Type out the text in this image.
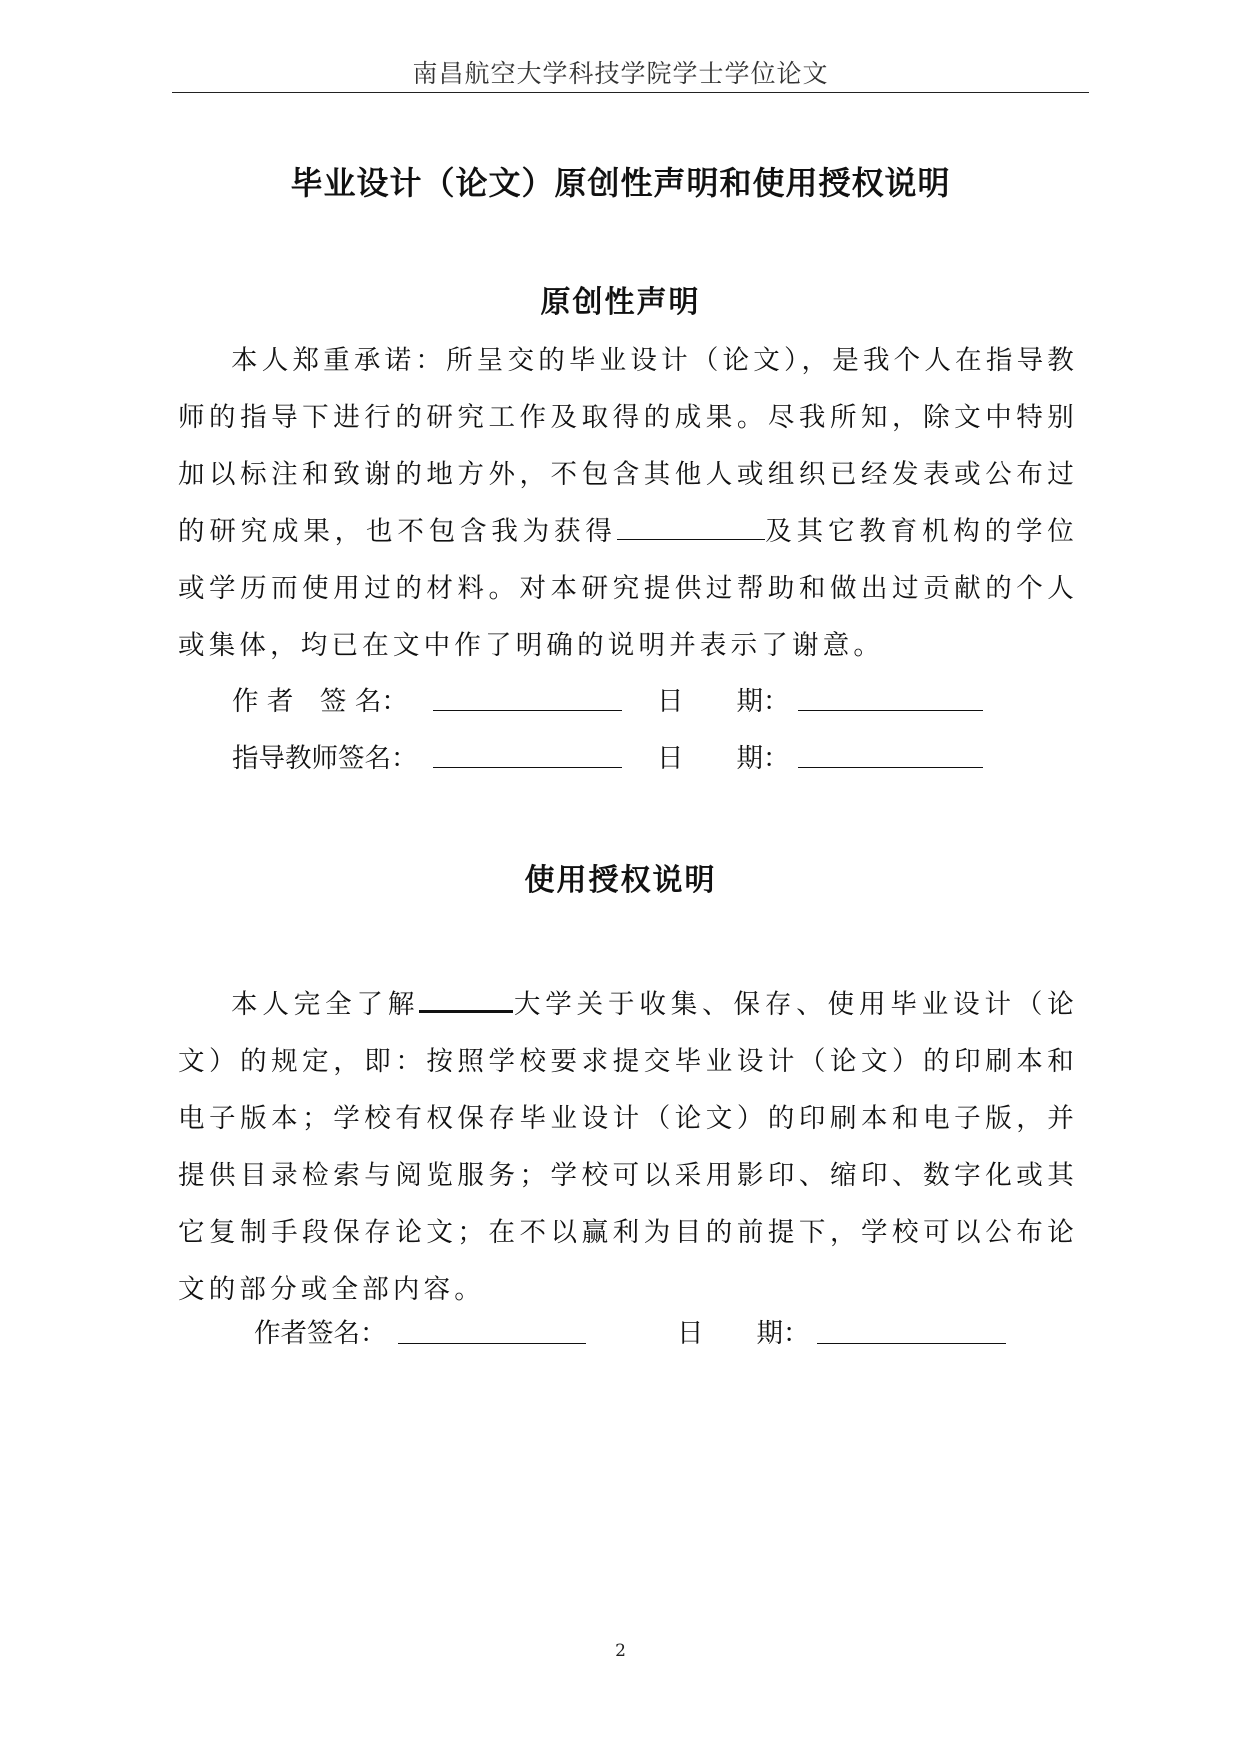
南昌航空大学科技学院学士学位论文
毕业设计（论文）原创性声明和使用授权说明
原创性声明
本人郑重承诺：所呈交的毕业设计（论文），是我个人在指导教师的指导下进行的研究工作及取得的成果。尽我所知，除文中特别加以标注和致谢的地方外，不包含其他人或组织已经发表或公布过的研究成果，也不包含我为获得	及其它教育机构的学位或学历而使用过的材料。对本研究提供过帮助和做出过贡献的个人或集体，均已在文中作了明确的说明并表示了谢意。
作 者　签 名：	日　　期：
指导教师签名：	日　　期：
使用授权说明
本人完全了解	大学关于收集、保存、使用毕业设计（论文）的规定，即：按照学校要求提交毕业设计（论文）的印刷本和电子版本；学校有权保存毕业设计（论文）的印刷本和电子版，并提供目录检索与阅览服务；学校可以采用影印、缩印、数字化或其它复制手段保存论文；在不以赢利为目的前提下，学校可以公布论文的部分或全部内容。
作者签名：	日　　期：
2
